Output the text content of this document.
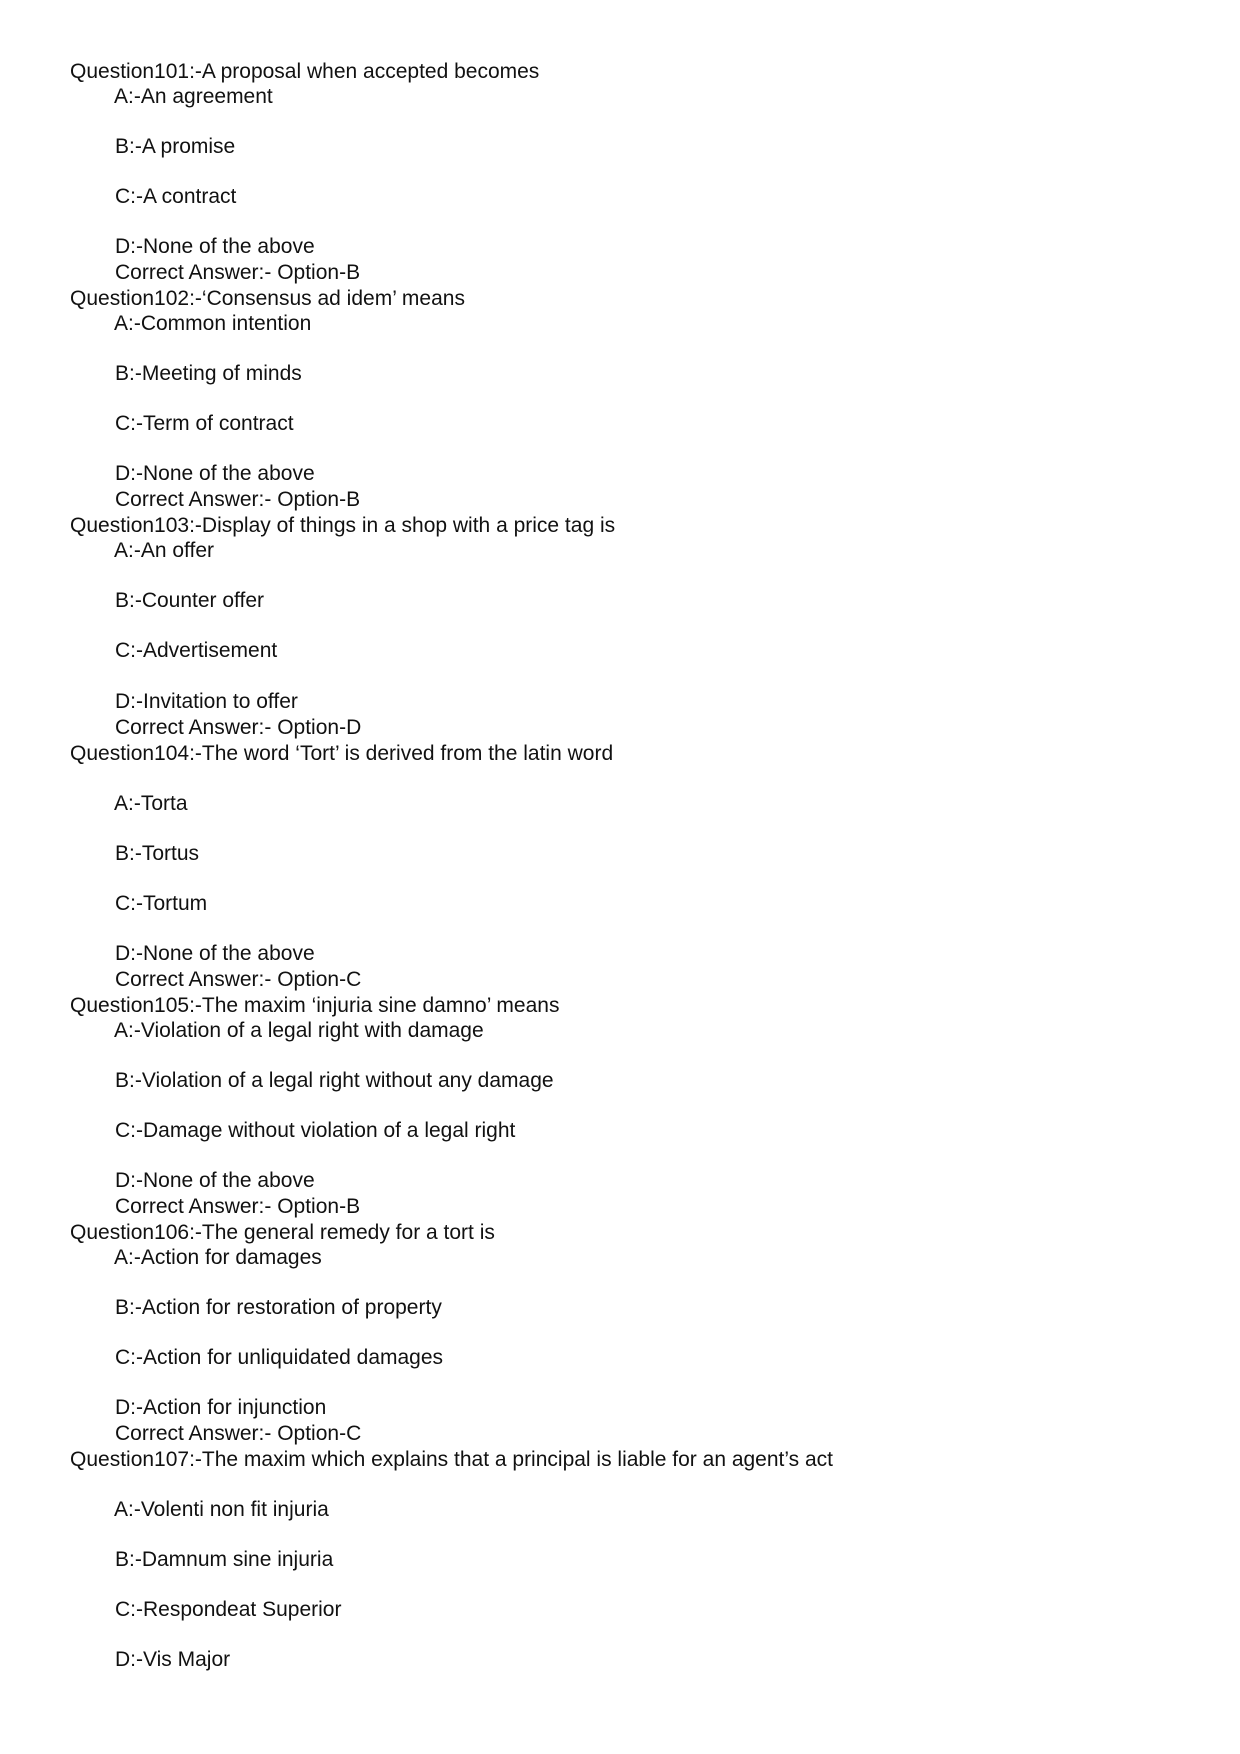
Question101:-A proposal when accepted becomes
A:-An agreement
B:-A promise
C:-A contract
D:-None of the above
Correct Answer:- Option-B
Question102:-‘Consensus ad idem’ means
A:-Common intention
B:-Meeting of minds
C:-Term of contract
D:-None of the above
Correct Answer:- Option-B
Question103:-Display of things in a shop with a price tag is
A:-An offer
B:-Counter offer
C:-Advertisement
D:-Invitation to offer
Correct Answer:- Option-D
Question104:-The word ‘Tort’ is derived from the latin word
A:-Torta
B:-Tortus
C:-Tortum
D:-None of the above
Correct Answer:- Option-C
Question105:-The maxim ‘injuria sine damno’ means
A:-Violation of a legal right with damage
B:-Violation of a legal right without any damage
C:-Damage without violation of a legal right
D:-None of the above
Correct Answer:- Option-B
Question106:-The general remedy for a tort is
A:-Action for damages
B:-Action for restoration of property
C:-Action for unliquidated damages
D:-Action for injunction
Correct Answer:- Option-C
Question107:-The maxim which explains that a principal is liable for an agent’s act
A:-Volenti non fit injuria
B:-Damnum sine injuria
C:-Respondeat Superior
D:-Vis Major
